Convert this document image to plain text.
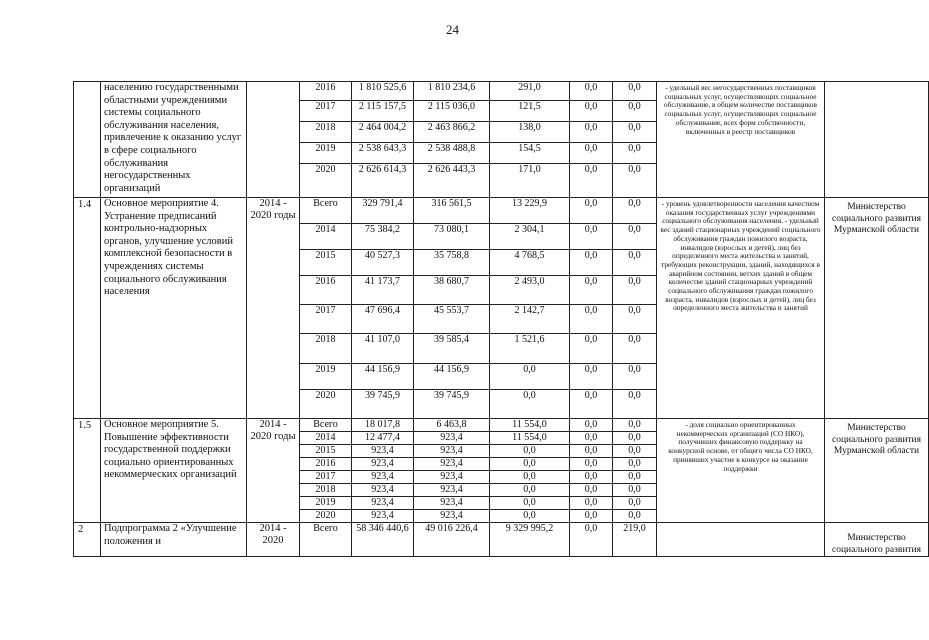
24
	населению государственными областными учреждениями системы социального обслуживания населения, привлечение к оказанию услуг в сфере социального обслуживания негосударственных организаций		2016	1 810 525,6	1 810 234,6	291,0	0,0	0,0	- удельный вес негосударственных поставщиков социальных услуг, осуществляющих социальное обслуживание, в общем количестве поставщиков социальных услуг, осуществляющих социальное обслуживание, всех форм собственности, включенных в реестр поставщиков	
			2017	2 115 157,5	2 115 036,0	121,5	0,0	0,0		
			2018	2 464 004,2	2 463 866,2	138,0	0,0	0,0		
			2019	2 538 643,3	2 538 488,8	154,5	0,0	0,0		
			2020	2 626 614,3	2 626 443,3	171,0	0,0	0,0		
1.4	Основное мероприятие 4. Устранение предписаний контрольно-надзорных органов, улучшение условий комплексной безопасности в учреждениях системы социального обслуживания населения	2014 - 2020 годы	Всего	329 791,4	316 561,5	13 229,9	0,0	0,0	- уровень удовлетворенности населения качеством оказания государственных услуг учреждениями социального обслуживания населения. - удельный вес зданий стационарных учреждений социального обслуживания граждан пожилого возраста, инвалидов (взрослых и детей), лиц без определенного места жительства и занятий, требующих реконструкции, зданий, находящихся в аварийном состоянии, ветхих зданий в общем количестве зданий стационарных учреждений социального обслуживания граждан пожилого возраста, инвалидов (взрослых и детей), лиц без определенного места жительства и занятий	Министерство социального развития Мурманской области
			2014	75 384,2	73 080,1	2 304,1	0,0	0,0		
			2015	40 527,3	35 758,8	4 768,5	0,0	0,0		
			2016	41 173,7	38 680,7	2 493,0	0,0	0,0		
			2017	47 696,4	45 553,7	2 142,7	0,0	0,0		
			2018	41 107,0	39 585,4	1 521,6	0,0	0,0		
			2019	44 156,9	44 156,9	0,0	0,0	0,0		
			2020	39 745,9	39 745,9	0,0	0,0	0,0		
1.5	Основное мероприятие 5. Повышение эффективности государственной поддержки социально ориентированных некоммерческих организаций	2014 - 2020 годы	Всего	18 017,8	6 463,8	11 554,0	0,0	0,0	- доля социально ориентированных некоммерческих организаций (СО НКО), получивших финансовую поддержку на конкурсной основе, от общего числа СО НКО, принявших участие в конкурсе на оказание поддержки	Министерство социального развития Мурманской области
			2014	12 477,4	923,4	11 554,0	0,0	0,0		
			2015	923,4	923,4	0,0	0,0	0,0		
			2016	923,4	923,4	0,0	0,0	0,0		
			2017	923,4	923,4	0,0	0,0	0,0		
			2018	923,4	923,4	0,0	0,0	0,0		
			2019	923,4	923,4	0,0	0,0	0,0		
			2020	923,4	923,4	0,0	0,0	0,0		
2	Подпрограмма 2 «Улучшение положения и	2014 - 2020	Всего	58 346 440,6	49 016 226,4	9 329 995,2	0,0	219,0		Министерство социального развития
